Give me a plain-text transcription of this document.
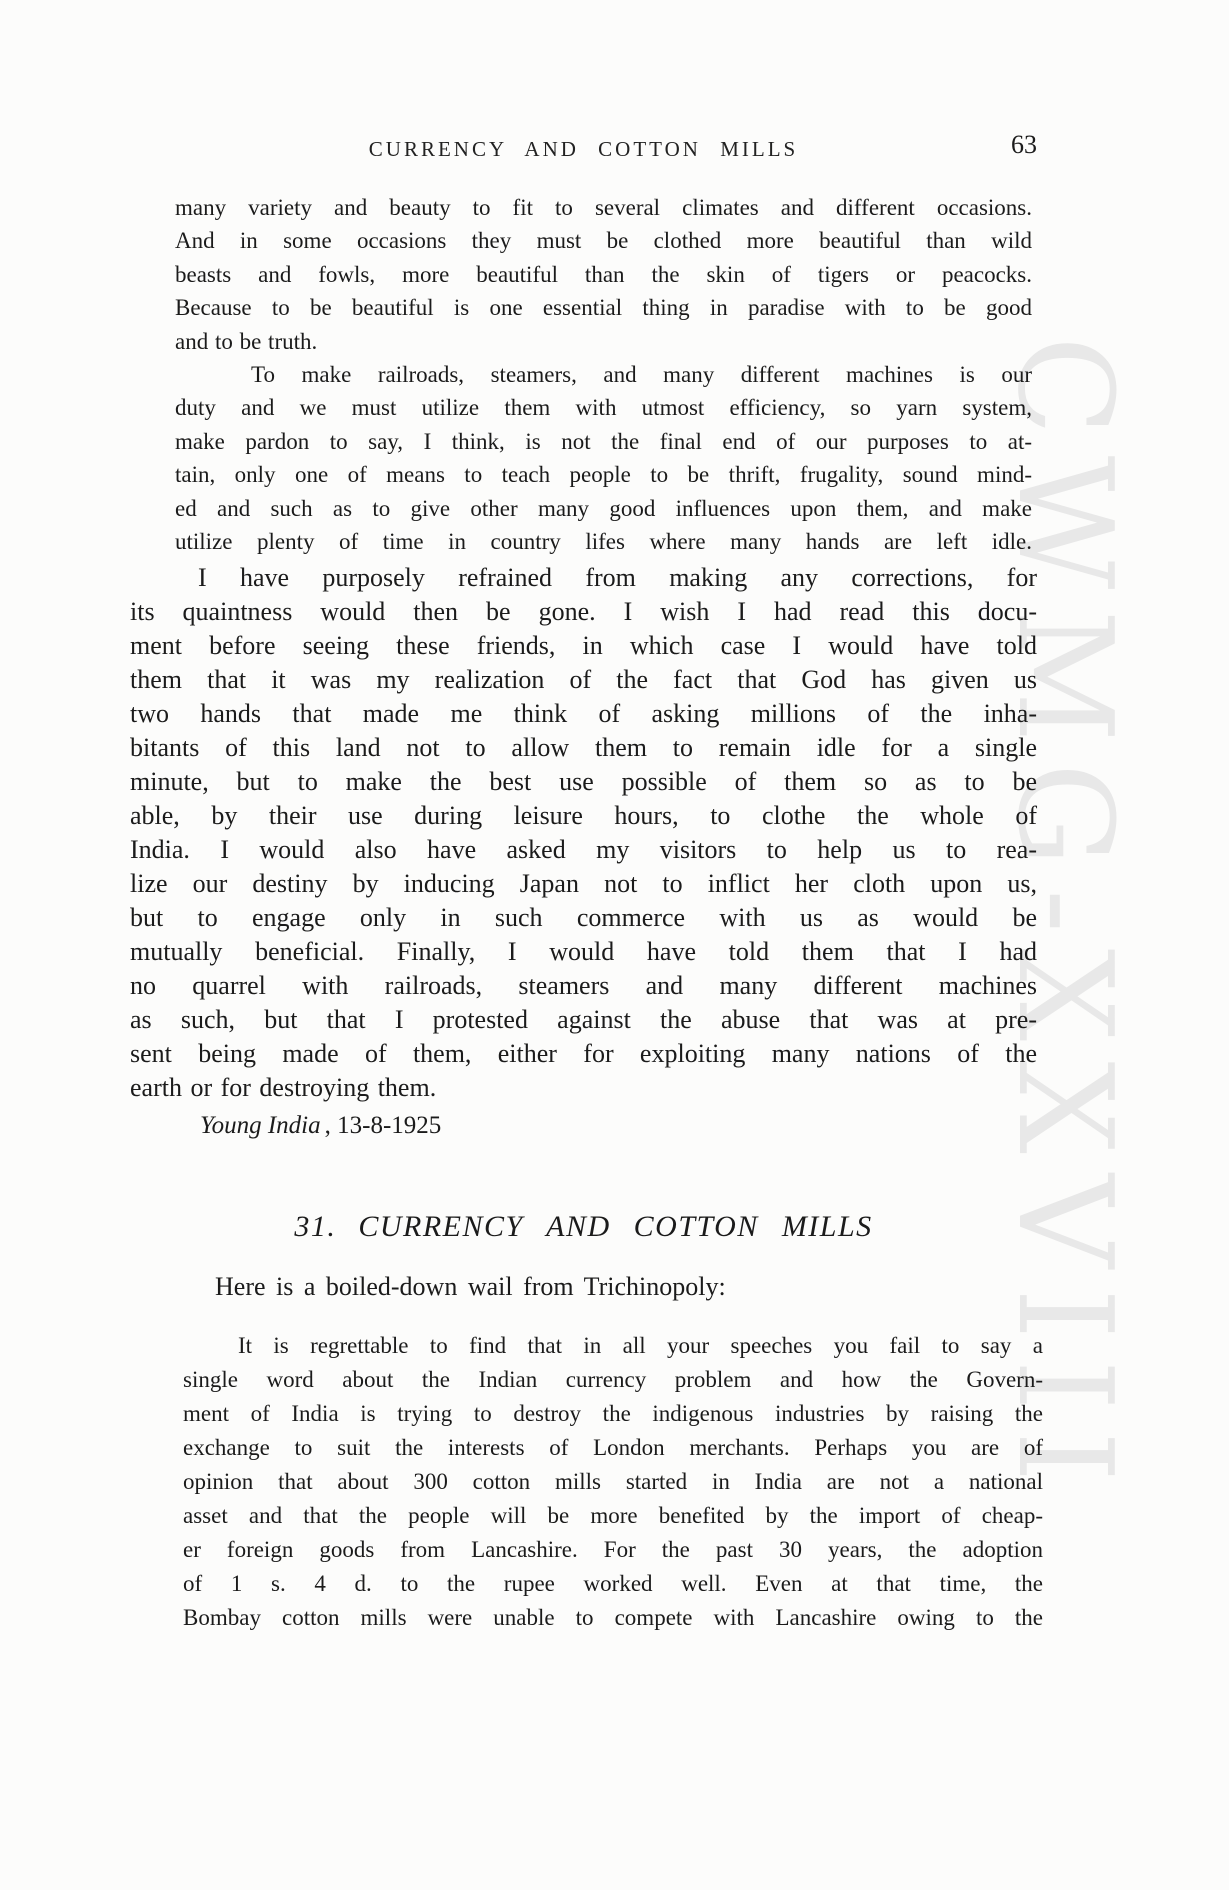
CWMG-XXVIII
CURRENCY AND COTTON MILLS	63
many variety and beauty to fit to several climates and different occasions.
And in some occasions they must be clothed more beautiful than wild
beasts and fowls, more beautiful than the skin of tigers or peacocks.
Because to be beautiful is one essential thing in paradise with to be good
and to be truth.
To make railroads, steamers, and many different machines is our
duty and we must utilize them with utmost efficiency, so yarn system,
make pardon to say, I think, is not the final end of our purposes to at-
tain, only one of means to teach people to be thrift, frugality, sound mind-
ed and such as to give other many good influences upon them, and make
utilize plenty of time in country lifes where many hands are left idle.
I have purposely refrained from making any corrections, for
its quaintness would then be gone. I wish I had read this docu-
ment before seeing these friends, in which case I would have told
them that it was my realization of the fact that God has given us
two hands that made me think of asking millions of the inha-
bitants of this land not to allow them to remain idle for a single
minute, but to make the best use possible of them so as to be
able, by their use during leisure hours, to clothe the whole of
India. I would also have asked my visitors to help us to rea-
lize our destiny by inducing Japan not to inflict her cloth upon us,
but to engage only in such commerce with us as would be
mutually beneficial. Finally, I would have told them that I had
no quarrel with railroads, steamers and many different machines
as such, but that I protested against the abuse that was at pre-
sent being made of them, either for exploiting many nations of the
earth or for destroying them.
Young India , 13-8-1925
31. CURRENCY AND COTTON MILLS
Here is a boiled-down wail from Trichinopoly:
It is regrettable to find that in all your speeches you fail to say a
single word about the Indian currency problem and how the Govern-
ment of India is trying to destroy the indigenous industries by raising the
exchange to suit the interests of London merchants. Perhaps you are of
opinion that about 300 cotton mills started in India are not a national
asset and that the people will be more benefited by the import of cheap-
er foreign goods from Lancashire. For the past 30 years, the adoption
of 1 s. 4 d. to the rupee worked well. Even at that time, the
Bombay cotton mills were unable to compete with Lancashire owing to the
